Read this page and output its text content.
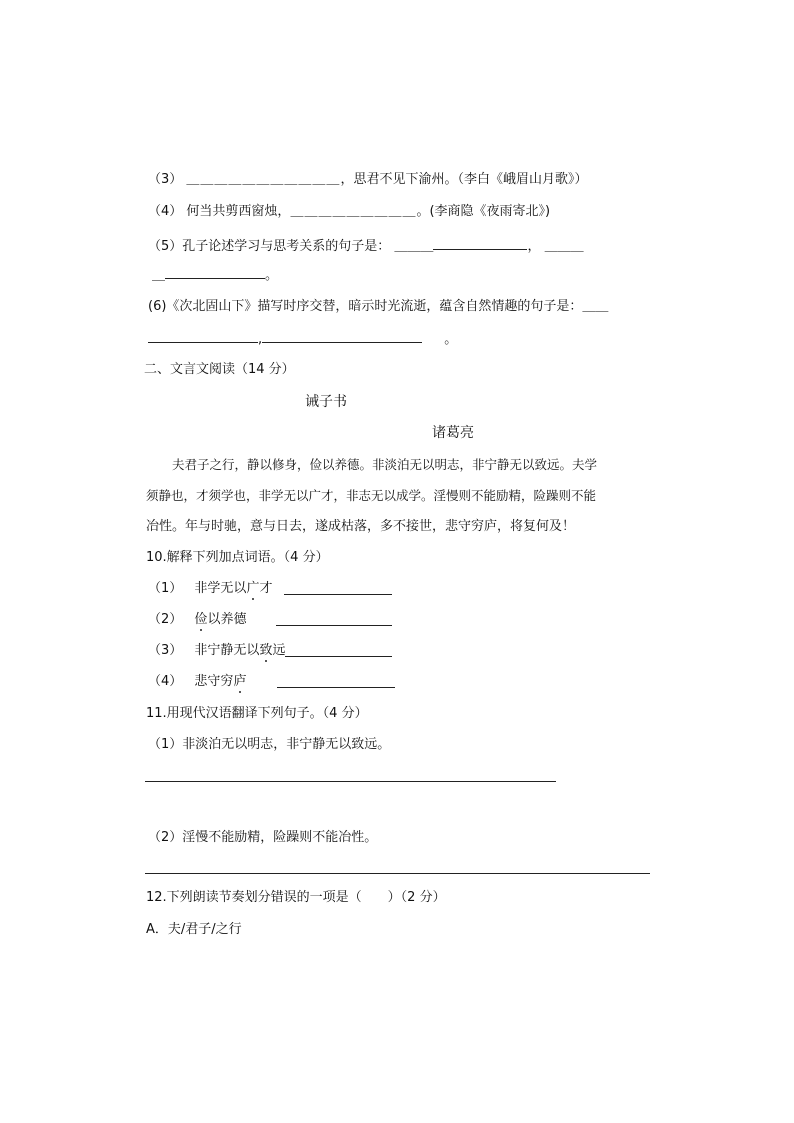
（3） ＿＿＿＿＿＿＿＿＿＿＿，思君不见下渝州。（李白《峨眉山月歌》）
（4） 何当共剪西窗烛，＿＿＿＿＿＿＿＿＿。(李商隐《夜雨寄北》)
（5）孔子论述学习与思考关系的句子是： ＿＿＿	， ＿＿＿
＿	。
(6)《次北固山下》描写时序交替，暗示时光流逝，蕴含自然情趣的句子是：＿＿
,	。
二、文言文阅读（14 分）
诫子书
诸葛亮
夫君子之行，静以修身，俭以养德。非淡泊无以明志，非宁静无以致远。夫学
须静也，才须学也，非学无以广才，非志无以成学。淫慢则不能励精，险躁则不能
冶性。年与时驰，意与日去，遂成枯落，多不接世，悲守穷庐，将复何及！
10.解释下列加点词语。（4 分）
（1） 非学无以广才
（2） 俭以养德
（3） 非宁静无以致远
（4） 悲守穷庐
11.用现代汉语翻译下列句子。（4 分）
（1）非淡泊无以明志，非宁静无以致远。
（2）淫慢不能励精，险躁则不能冶性。
12.下列朗读节奏划分错误的一项是（　　）（2 分）
A．夫/君子/之行
